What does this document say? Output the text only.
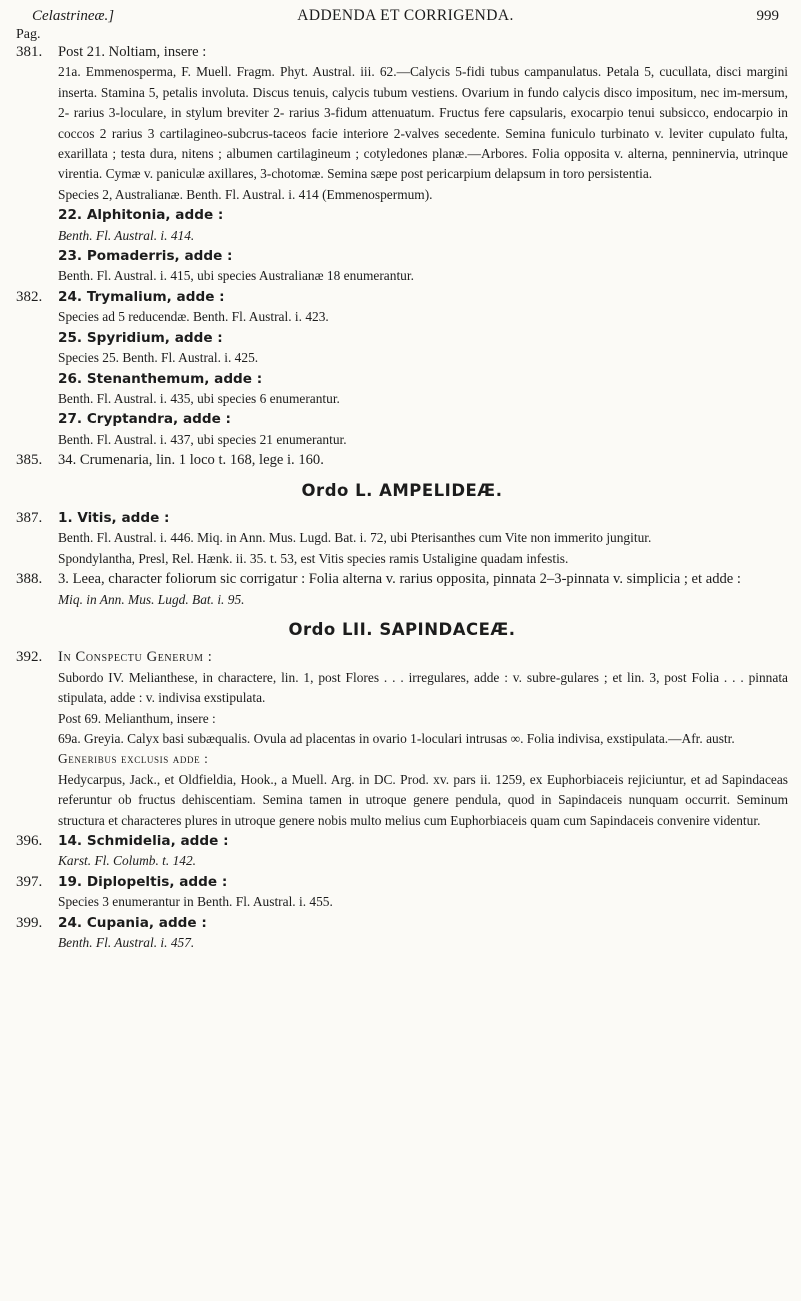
Celastrineæ.]	ADDENDA ET CORRIGENDA.	999
Pag.
381. Post 21. Noltiam, insere :
21a. Emmenosperma, F. Muell. Fragm. Phyt. Austral. iii. 62.—Calycis 5-fidi tubus campanulatus. Petala 5, cucullata, disci margini inserta. Stamina 5, petalis involuta. Discus tenuis, calycis tubum vestiens. Ovarium in fundo calycis disco impositum, nec im-mersum, 2- rarius 3-loculare, in stylum breviter 2- rarius 3-fidum attenuatum. Fructus fere capsularis, exocarpio tenui subsicco, endocarpio in coccos 2 rarius 3 cartilagineo-subcrus-taceos facie interiore 2-valves secedente. Semina funiculo turbinato v. leviter cupulato fulta, exarillata ; testa dura, nitens ; albumen cartilagineum ; cotyledones planæ.—Arbores. Folia opposita v. alterna, penninervia, utrinque virentia. Cymæ v. paniculæ axillares, 3-chotomæ. Semina sæpe post pericarpium delapsum in toro persistentia.
Species 2, Australianæ. Benth. Fl. Austral. i. 414 (Emmenospermum).
22. Alphitonia, adde :
Benth. Fl. Austral. i. 414.
23. Pomaderris, adde :
Benth. Fl. Austral. i. 415, ubi species Australianæ 18 enumerantur.
382. 24. Trymalium, adde :
Species ad 5 reducendæ. Benth. Fl. Austral. i. 423.
25. Spyridium, adde :
Species 25. Benth. Fl. Austral. i. 425.
26. Stenanthemum, adde :
Benth. Fl. Austral. i. 435, ubi species 6 enumerantur.
27. Cryptandra, adde :
Benth. Fl. Austral. i. 437, ubi species 21 enumerantur.
385. 34. Crumenaria, lin. 1 loco t. 168, lege i. 160.
Ordo L. AMPELIDEÆ.
387. 1. Vitis, adde :
Benth. Fl. Austral. i. 446. Miq. in Ann. Mus. Lugd. Bat. i. 72, ubi Pterisanthes cum Vite non immerito jungitur.
Spondylantha, Presl, Rel. Hænk. ii. 35. t. 53, est Vitis species ramis Ustaligine quadam infestis.
388. 3. Leea, character foliorum sic corrigatur : Folia alterna v. rarius opposita, pinnata 2–3-pinnata v. simplicia ; et adde :
Miq. in Ann. Mus. Lugd. Bat. i. 95.
Ordo LII. SAPINDACEÆ.
392. In Conspectu Generum :
Subordo IV. Melianthese, in charactere, lin. 1, post Flores . . . irregulares, adde : v. subre-gulares ; et lin. 3, post Folia . . . pinnata stipulata, adde : v. indivisa exstipulata.
Post 69. Melianthum, insere :
69a. Greyia. Calyx basi subæqualis. Ovula ad placentas in ovario 1-loculari intrusas ∞. Folia indivisa, exstipulata.—Afr. austr.
Generibus exclusis adde :
Hedycarpus, Jack., et Oldfieldia, Hook., a Muell. Arg. in DC. Prod. xv. pars ii. 1259, ex Euphorbiaceis rejiciuntur, et ad Sapindaceas referuntur ob fructus dehiscentiam. Semina tamen in utroque genere pendula, quod in Sapindaceis nunquam occurrit. Seminum structura et characteres plures in utroque genere nobis multo melius cum Euphorbiaceis quam cum Sapindaceis convenire videntur.
396. 14. Schmidelia, adde :
Karst. Fl. Columb. t. 142.
397. 19. Diplopeltis, adde :
Species 3 enumerantur in Benth. Fl. Austral. i. 455.
399. 24. Cupania, adde :
Benth. Fl. Austral. i. 457.
